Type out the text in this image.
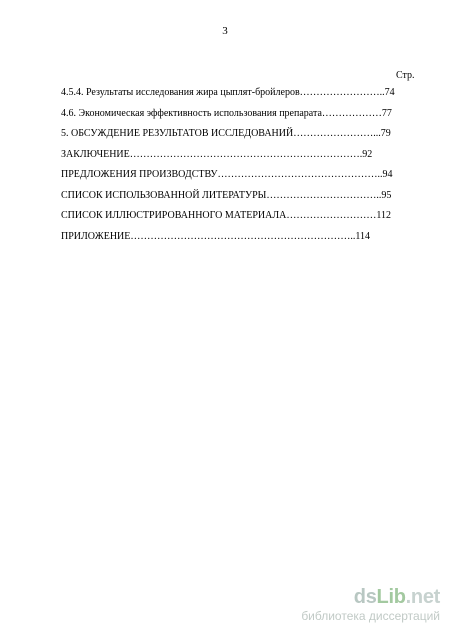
3
Стр.
4.5.4. Результаты исследования жира цыплят-бройлеров……………………..74
4.6. Экономическая эффективность использования препарата………………77
5. ОБСУЖДЕНИЕ РЕЗУЛЬТАТОВ ИССЛЕДОВАНИЙ……………………...79
ЗАКЛЮЧЕНИЕ…………………………………………………………….92
ПРЕДЛОЖЕНИЯ ПРОИЗВОДСТВУ…………………………………………..94
СПИСОК ИСПОЛЬЗОВАННОЙ ЛИТЕРАТУРЫ……………………………..95
СПИСОК ИЛЛЮСТРИРОВАННОГО МАТЕРИАЛА………………………112
ПРИЛОЖЕНИЕ…………………………………………………………..114
dsLib.net
библиотека диссертаций
